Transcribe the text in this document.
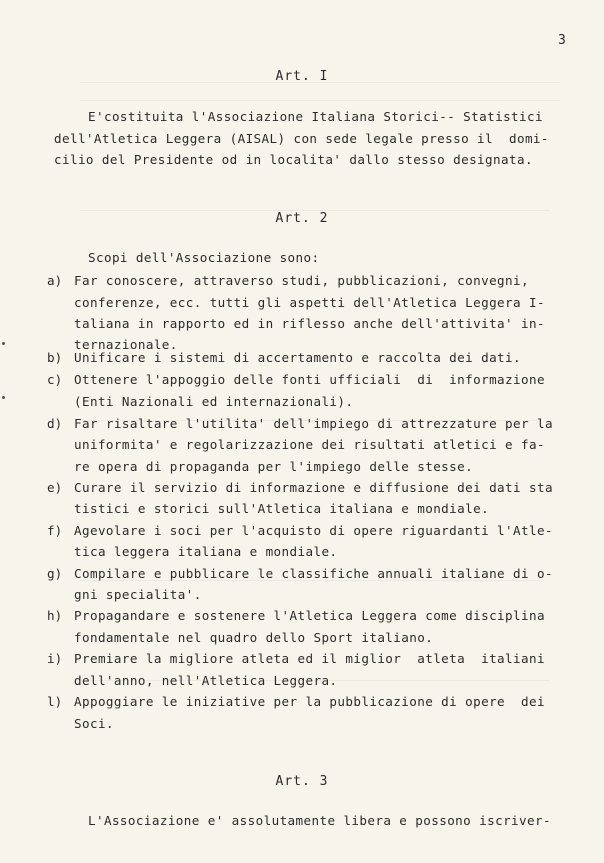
3
Art. I
E'costituita l'Associazione Italiana Storici-- Statistici
dell'Atletica Leggera (AISAL) con sede legale presso il  domi-
cilio del Presidente od in localita' dallo stesso designata.
Art. 2
Scopi dell'Associazione sono:
a) Far conoscere, attraverso studi, pubblicazioni, convegni,
conferenze, ecc. tutti gli aspetti dell'Atletica Leggera I-
taliana in rapporto ed in riflesso anche dell'attivita' in-
ternazionale.
b) Unificare i sistemi di accertamento e raccolta dei dati.
c) Ottenere l'appoggio delle fonti ufficiali  di  informazione
(Enti Nazionali ed internazionali).
d) Far risaltare l'utilita' dell'impiego di attrezzature per la
uniformita' e regolarizzazione dei risultati atletici e fa-
re opera di propaganda per l'impiego delle stesse.
e) Curare il servizio di informazione e diffusione dei dati sta
tistici e storici sull'Atletica italiana e mondiale.
f) Agevolare i soci per l'acquisto di opere riguardanti l'Atle-
tica leggera italiana e mondiale.
g) Compilare e pubblicare le classifiche annuali italiane di o-
gni specialita'.
h) Propagandare e sostenere l'Atletica Leggera come disciplina
fondamentale nel quadro dello Sport italiano.
i) Premiare la migliore atleta ed il miglior  atleta  italiani
dell'anno, nell'Atletica Leggera.
l) Appoggiare le iniziative per la pubblicazione di opere  dei
Soci.
Art. 3
L'Associazione e' assolutamente libera e possono iscriver-
